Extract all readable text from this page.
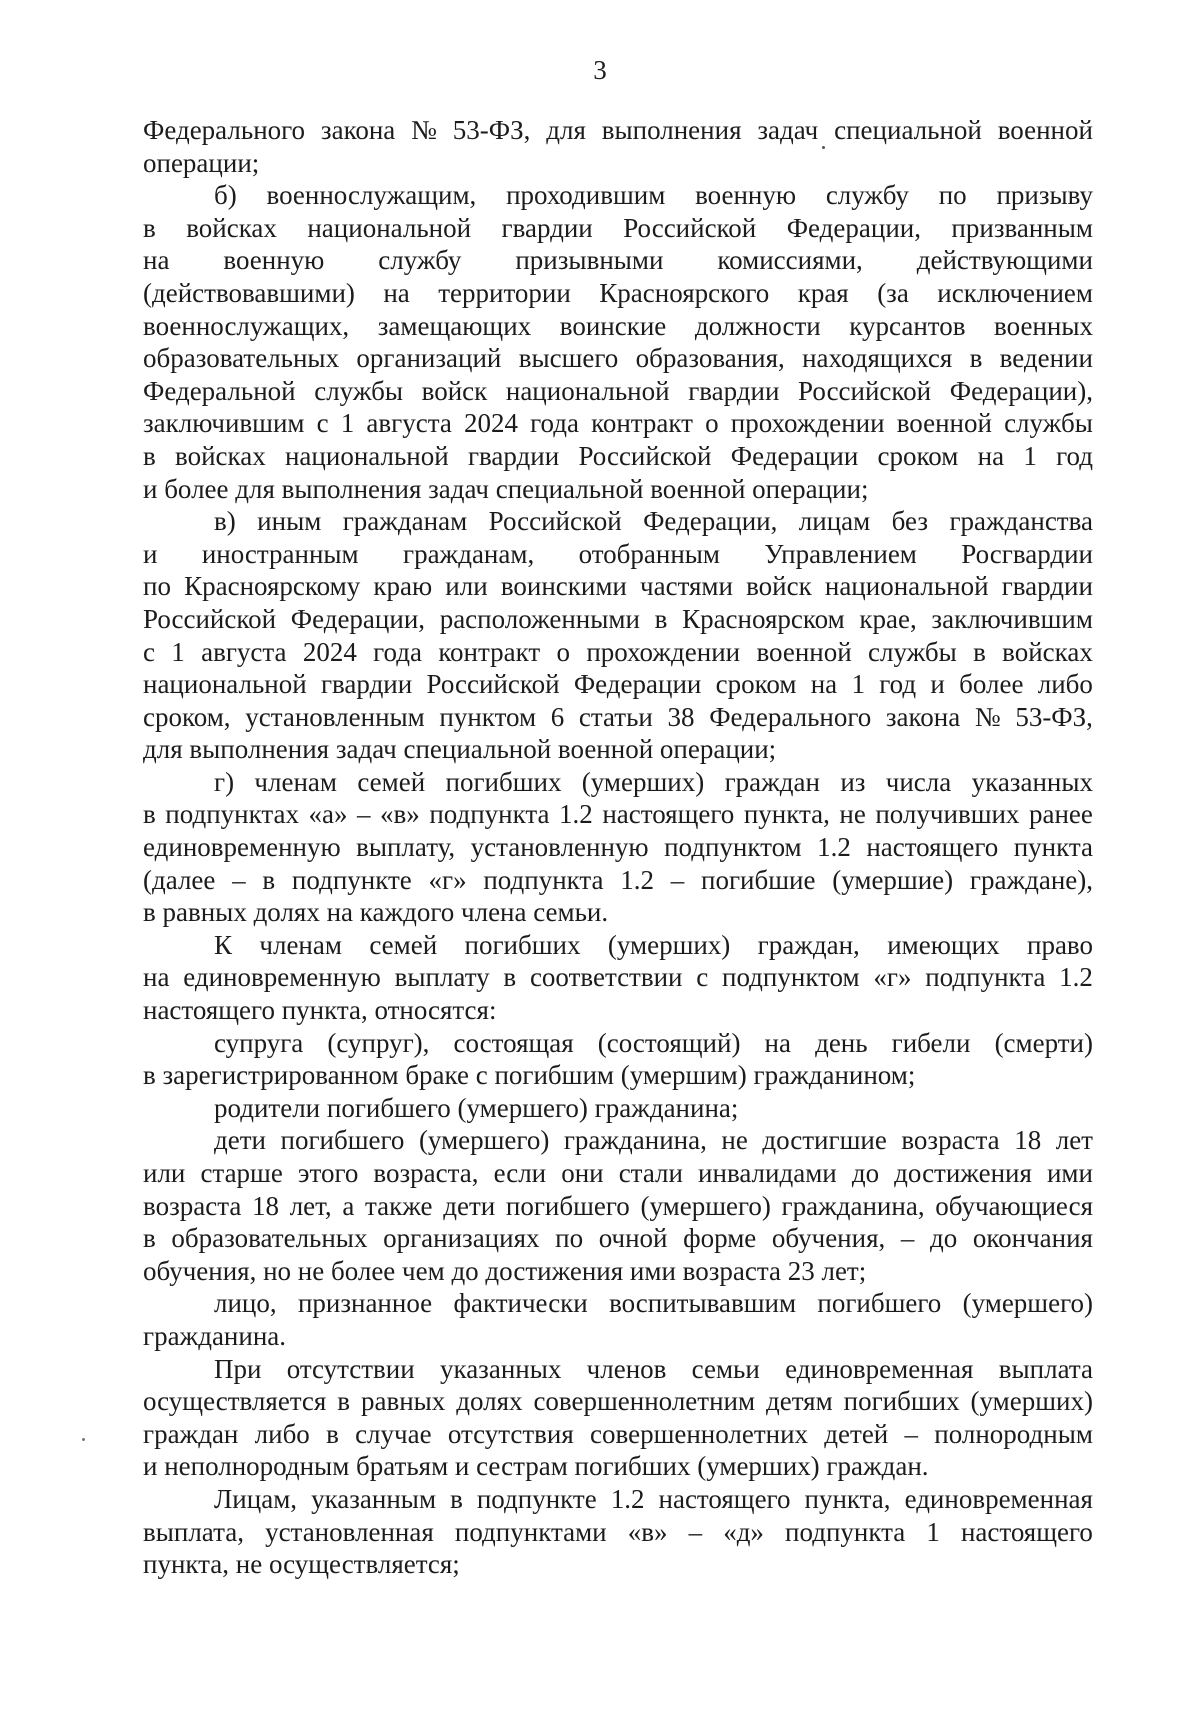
3
Федерального закона № 53-ФЗ, для выполнения задач специальной военной
операции;
б) военнослужащим, проходившим военную службу по призыву
в войсках национальной гвардии Российской Федерации, призванным
на военную службу призывными комиссиями, действующими
(действовавшими) на территории Красноярского края (за исключением
военнослужащих, замещающих воинские должности курсантов военных
образовательных организаций высшего образования, находящихся в ведении
Федеральной службы войск национальной гвардии Российской Федерации),
заключившим с 1 августа 2024 года контракт о прохождении военной службы
в войсках национальной гвардии Российской Федерации сроком на 1 год
и более для выполнения задач специальной военной операции;
в) иным гражданам Российской Федерации, лицам без гражданства
и иностранным гражданам, отобранным Управлением Росгвардии
по Красноярскому краю или воинскими частями войск национальной гвардии
Российской Федерации, расположенными в Красноярском крае, заключившим
с 1 августа 2024 года контракт о прохождении военной службы в войсках
национальной гвардии Российской Федерации сроком на 1 год и более либо
сроком, установленным пунктом 6 статьи 38 Федерального закона № 53-ФЗ,
для выполнения задач специальной военной операции;
г) членам семей погибших (умерших) граждан из числа указанных
в подпунктах «а» – «в» подпункта 1.2 настоящего пункта, не получивших ранее
единовременную выплату, установленную подпунктом 1.2 настоящего пункта
(далее – в подпункте «г» подпункта 1.2 – погибшие (умершие) граждане),
в равных долях на каждого члена семьи.
К членам семей погибших (умерших) граждан, имеющих право
на единовременную выплату в соответствии с подпунктом «г» подпункта 1.2
настоящего пункта, относятся:
супруга (супруг), состоящая (состоящий) на день гибели (смерти)
в зарегистрированном браке с погибшим (умершим) гражданином;
родители погибшего (умершего) гражданина;
дети погибшего (умершего) гражданина, не достигшие возраста 18 лет
или старше этого возраста, если они стали инвалидами до достижения ими
возраста 18 лет, а также дети погибшего (умершего) гражданина, обучающиеся
в образовательных организациях по очной форме обучения, – до окончания
обучения, но не более чем до достижения ими возраста 23 лет;
лицо, признанное фактически воспитывавшим погибшего (умершего)
гражданина.
При отсутствии указанных членов семьи единовременная выплата
осуществляется в равных долях совершеннолетним детям погибших (умерших)
граждан либо в случае отсутствия совершеннолетних детей – полнородным
и неполнородным братьям и сестрам погибших (умерших) граждан.
Лицам, указанным в подпункте 1.2 настоящего пункта, единовременная
выплата, установленная подпунктами «в» – «д» подпункта 1 настоящего
пункта, не осуществляется;
